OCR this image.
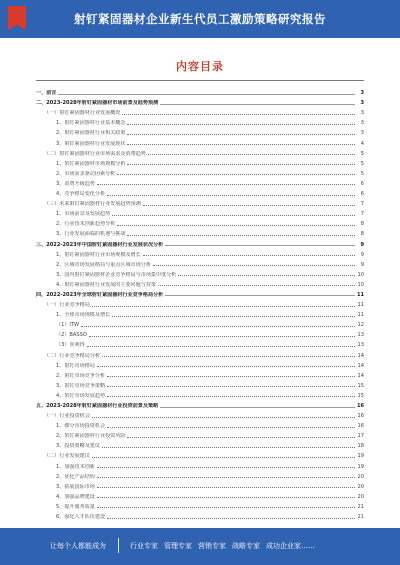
射钉紧固器材企业新生代员工激励策略研究报告
内容目录
一、前言	3
二、2023-2028年射钉紧固器材市场前景及趋势预测	3
（一）射钉紧固器材行业发展概况	3
1、射钉紧固器材行业基本概念	3
2、射钉紧固器材行业相关政策	3
3、射钉紧固器材行业发展现状	4
（二）射钉紧固器材行业市场需求及消费趋势	5
1、射钉紧固器材市场规模分析	5
2、市场需求驱动因素分析	5
3、消费升级趋势	6
4、竞争格局变化分析	6
（三）未来射钉紧固器材行业发展趋势预测	7
1、市场前景及发展趋势	7
2、行业技术创新趋势分析	8
3、行业发展面临的机遇与挑战	8
三、2022-2023年中国射钉紧固器材行业发展状况分析	9
1、射钉紧固器材行业市场规模及增长	9
2、区域市场发展格局与重点区域市场分析	9
3、国内射钉紧固器材企业竞争格局与市场集中度分析	10
4、射钉紧固器材行业发展的主要问题与对策	10
四、2022-2023年全球射钉紧固器材行业竞争格局分析	11
（一）行业竞争格局	11
1、全球市场规模及增长	11
（1）ITW	12
（2）BASSO	13
（3）喜利得	13
（二）行业竞争格局分析	14
1、射钉市场格局	14
2、射钉市场竞争分析	14
3、射钉市场竞争策略	15
4、射钉市场发展趋势	15
五、2023-2028年射钉紧固器材行业投资前景及策略	16
（一）行业投资机会	16
1、细分市场投资机会	16
2、射钉紧固器材行业投资风险	17
3、投资策略及建议	18
（二）行业发展建议	19
1、加强技术创新	19
2、优化产品结构	20
3、拓展国际市场	20
4、加强品牌建设	20
5、提升服务质量	21
6、强化人才队伍建设	21
让每个人都能成为	行业专家 管理专家 营销专家 战略专家 成功企业家……
